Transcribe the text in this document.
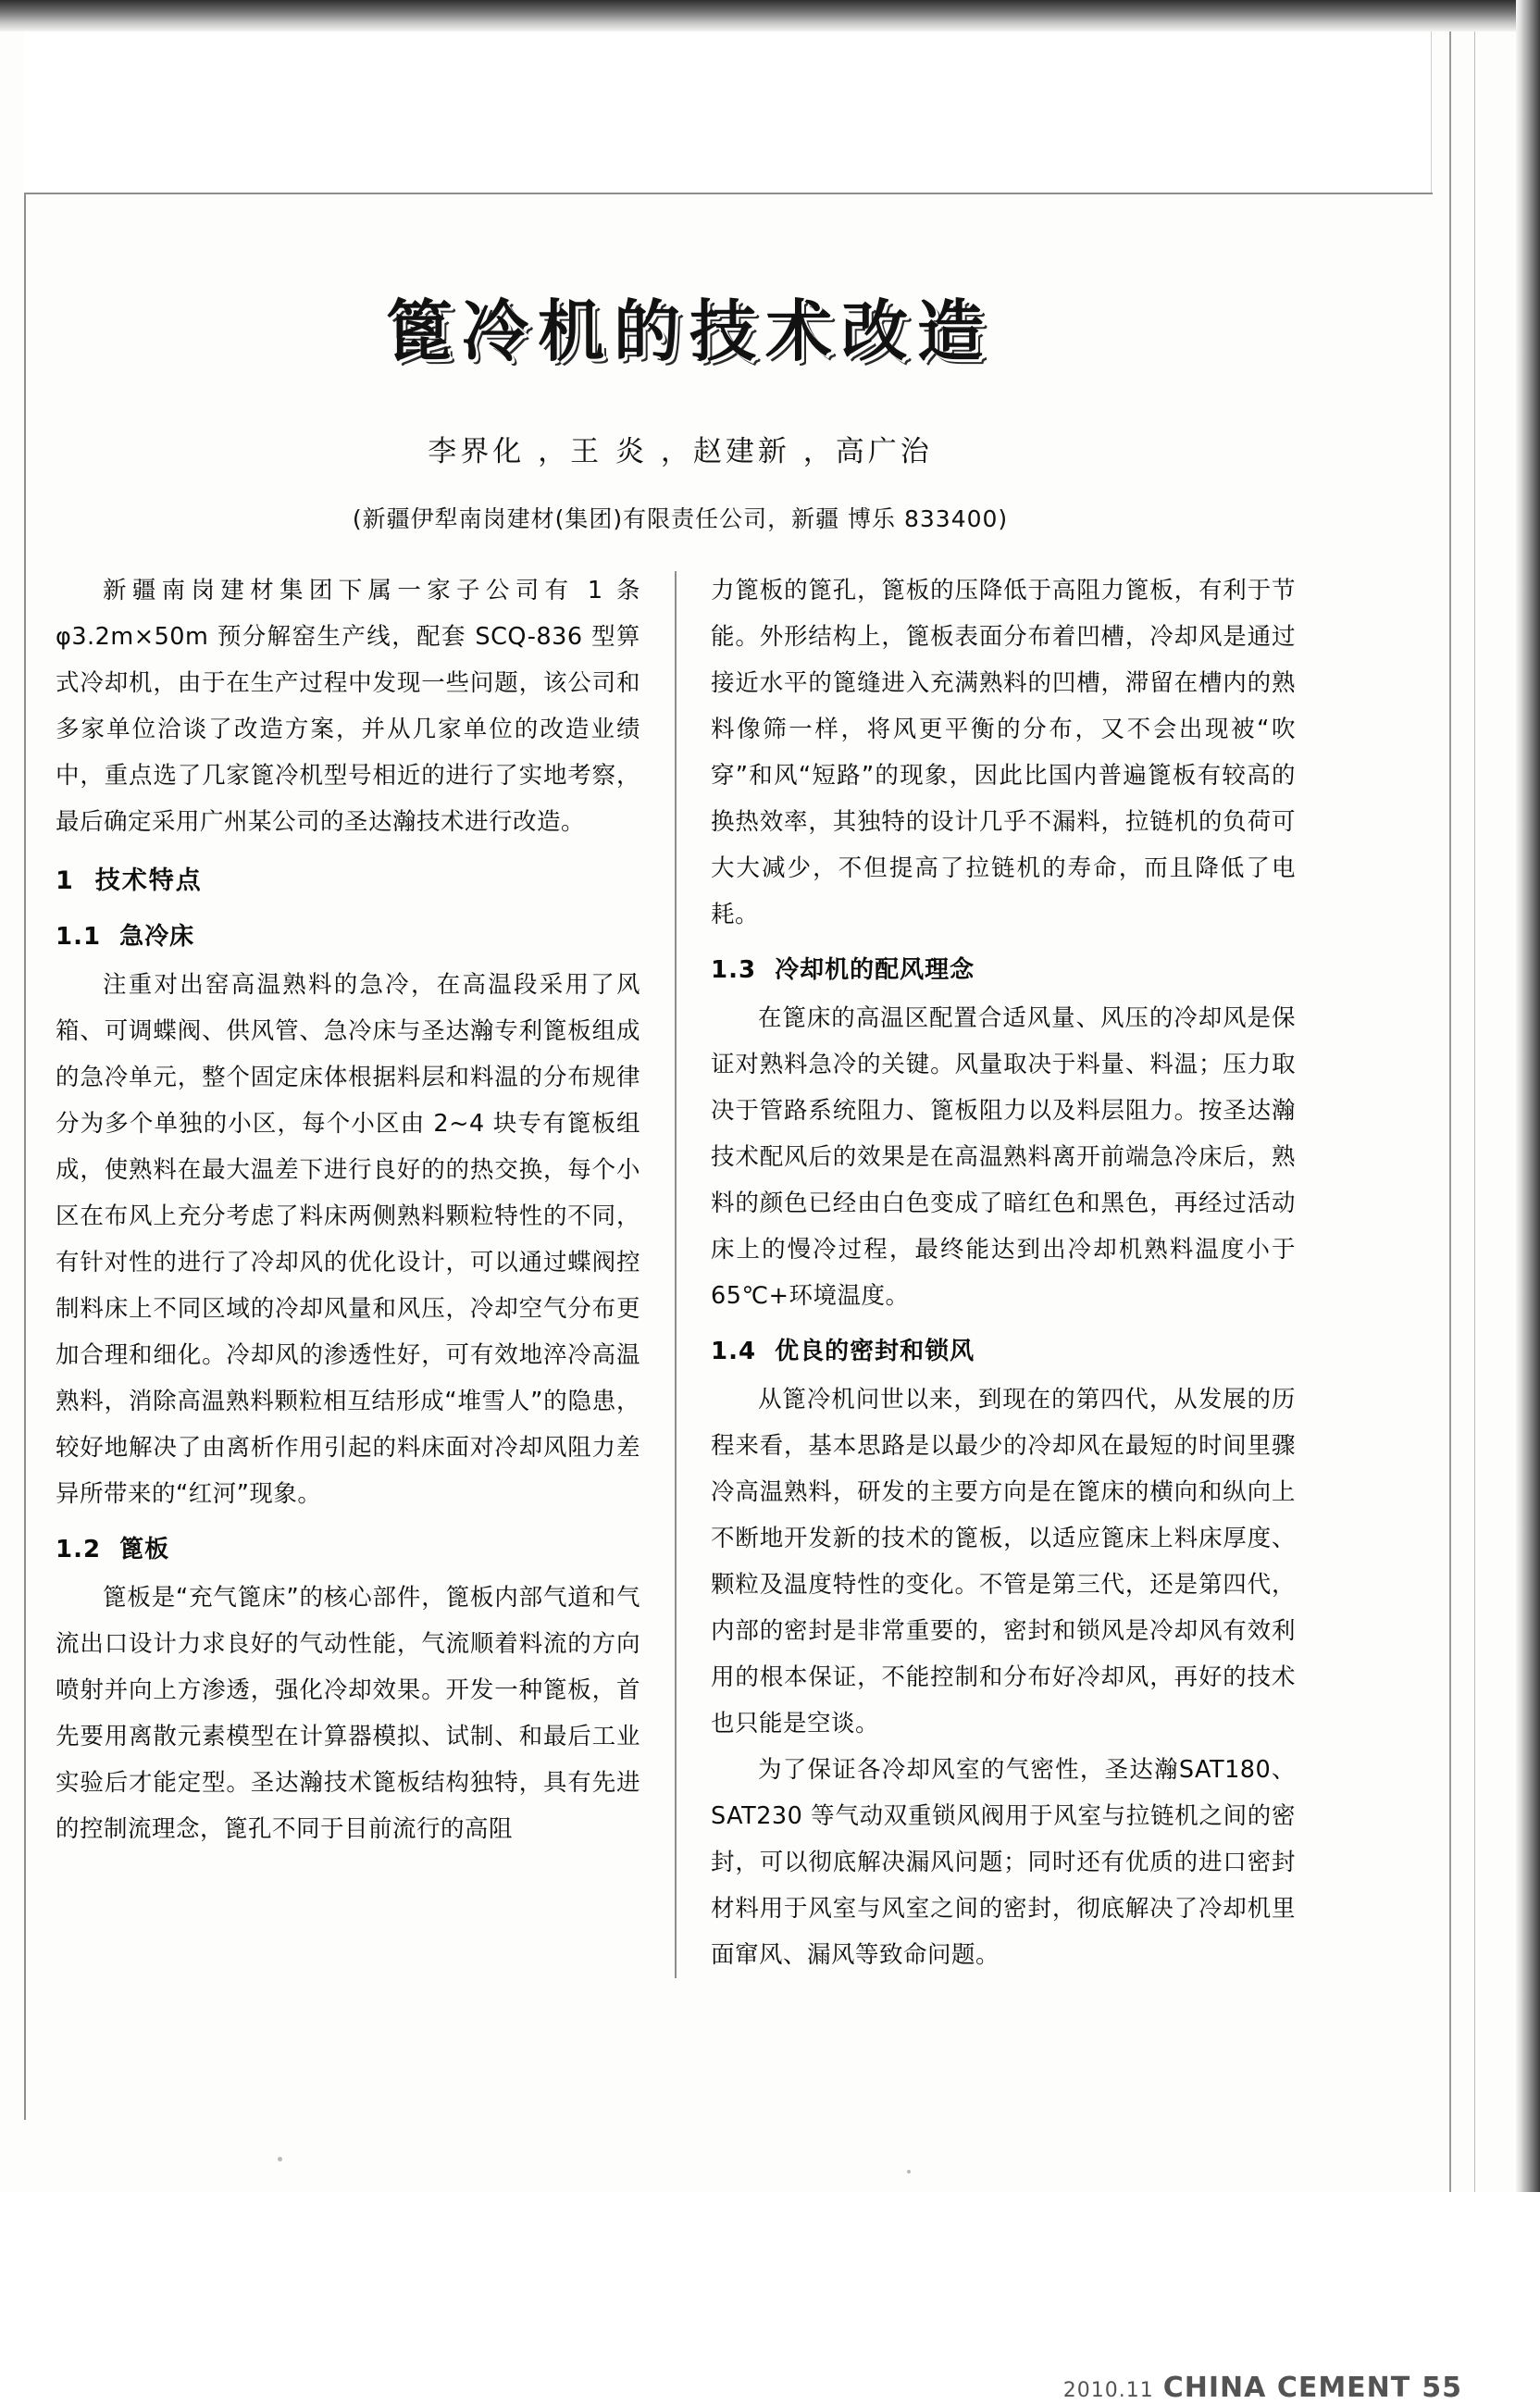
篦冷机的技术改造
李界化 ，王 炎 ，赵建新 ，高广治
(新疆伊犁南岗建材(集团)有限责任公司，新疆 博乐 833400)

新疆南岗建材集团下属一家子公司有 1 条 φ3.2m×50m 预分解窑生产线，配套 SCQ-836 型箅式冷却机，由于在生产过程中发现一些问题，该公司和多家单位洽谈了改造方案，并从几家单位的改造业绩中，重点选了几家篦冷机型号相近的进行了实地考察，最后确定采用广州某公司的圣达瀚技术进行改造。

1 技术特点
1.1 急冷床

注重对出窑高温熟料的急冷，在高温段采用了风箱、可调蝶阀、供风管、急冷床与圣达瀚专利篦板组成的急冷单元，整个固定床体根据料层和料温的分布规律分为多个单独的小区，每个小区由 2~4 块专有篦板组成，使熟料在最大温差下进行良好的的热交换，每个小区在布风上充分考虑了料床两侧熟料颗粒特性的不同，有针对性的进行了冷却风的优化设计，可以通过蝶阀控制料床上不同区域的冷却风量和风压，冷却空气分布更加合理和细化。冷却风的渗透性好，可有效地淬冷高温熟料，消除高温熟料颗粒相互结形成“堆雪人”的隐患，较好地解决了由离析作用引起的料床面对冷却风阻力差异所带来的“红河”现象。

1.2 篦板

篦板是“充气篦床”的核心部件，篦板内部气道和气流出口设计力求良好的气动性能，气流顺着料流的方向喷射并向上方渗透，强化冷却效果。开发一种篦板，首先要用离散元素模型在计算器模拟、试制、和最后工业实验后才能定型。圣达瀚技术篦板结构独特，具有先进的控制流理念，篦孔不同于目前流行的高阻

力篦板的篦孔，篦板的压降低于高阻力篦板，有利于节能。外形结构上，篦板表面分布着凹槽，冷却风是通过接近水平的篦缝进入充满熟料的凹槽，滞留在槽内的熟料像筛一样，将风更平衡的分布，又不会出现被“吹穿”和风“短路”的现象，因此比国内普遍篦板有较高的换热效率，其独特的设计几乎不漏料，拉链机的负荷可大大减少，不但提高了拉链机的寿命，而且降低了电耗。

1.3 冷却机的配风理念

在篦床的高温区配置合适风量、风压的冷却风是保证对熟料急冷的关键。风量取决于料量、料温；压力取决于管路系统阻力、篦板阻力以及料层阻力。按圣达瀚技术配风后的效果是在高温熟料离开前端急冷床后，熟料的颜色已经由白色变成了暗红色和黑色，再经过活动床上的慢冷过程，最终能达到出冷却机熟料温度小于 65℃+环境温度。

1.4 优良的密封和锁风

从篦冷机问世以来，到现在的第四代，从发展的历程来看，基本思路是以最少的冷却风在最短的时间里骤冷高温熟料，研发的主要方向是在篦床的横向和纵向上不断地开发新的技术的篦板，以适应篦床上料床厚度、颗粒及温度特性的变化。不管是第三代，还是第四代，内部的密封是非常重要的，密封和锁风是冷却风有效利用的根本保证，不能控制和分布好冷却风，再好的技术也只能是空谈。

为了保证各冷却风室的气密性，圣达瀚SAT180、SAT230 等气动双重锁风阀用于风室与拉链机之间的密封，可以彻底解决漏风问题；同时还有优质的进口密封材料用于风室与风室之间的密封，彻底解决了冷却机里面窜风、漏风等致命问题。

2010.11 CHINA CEMENT 55
